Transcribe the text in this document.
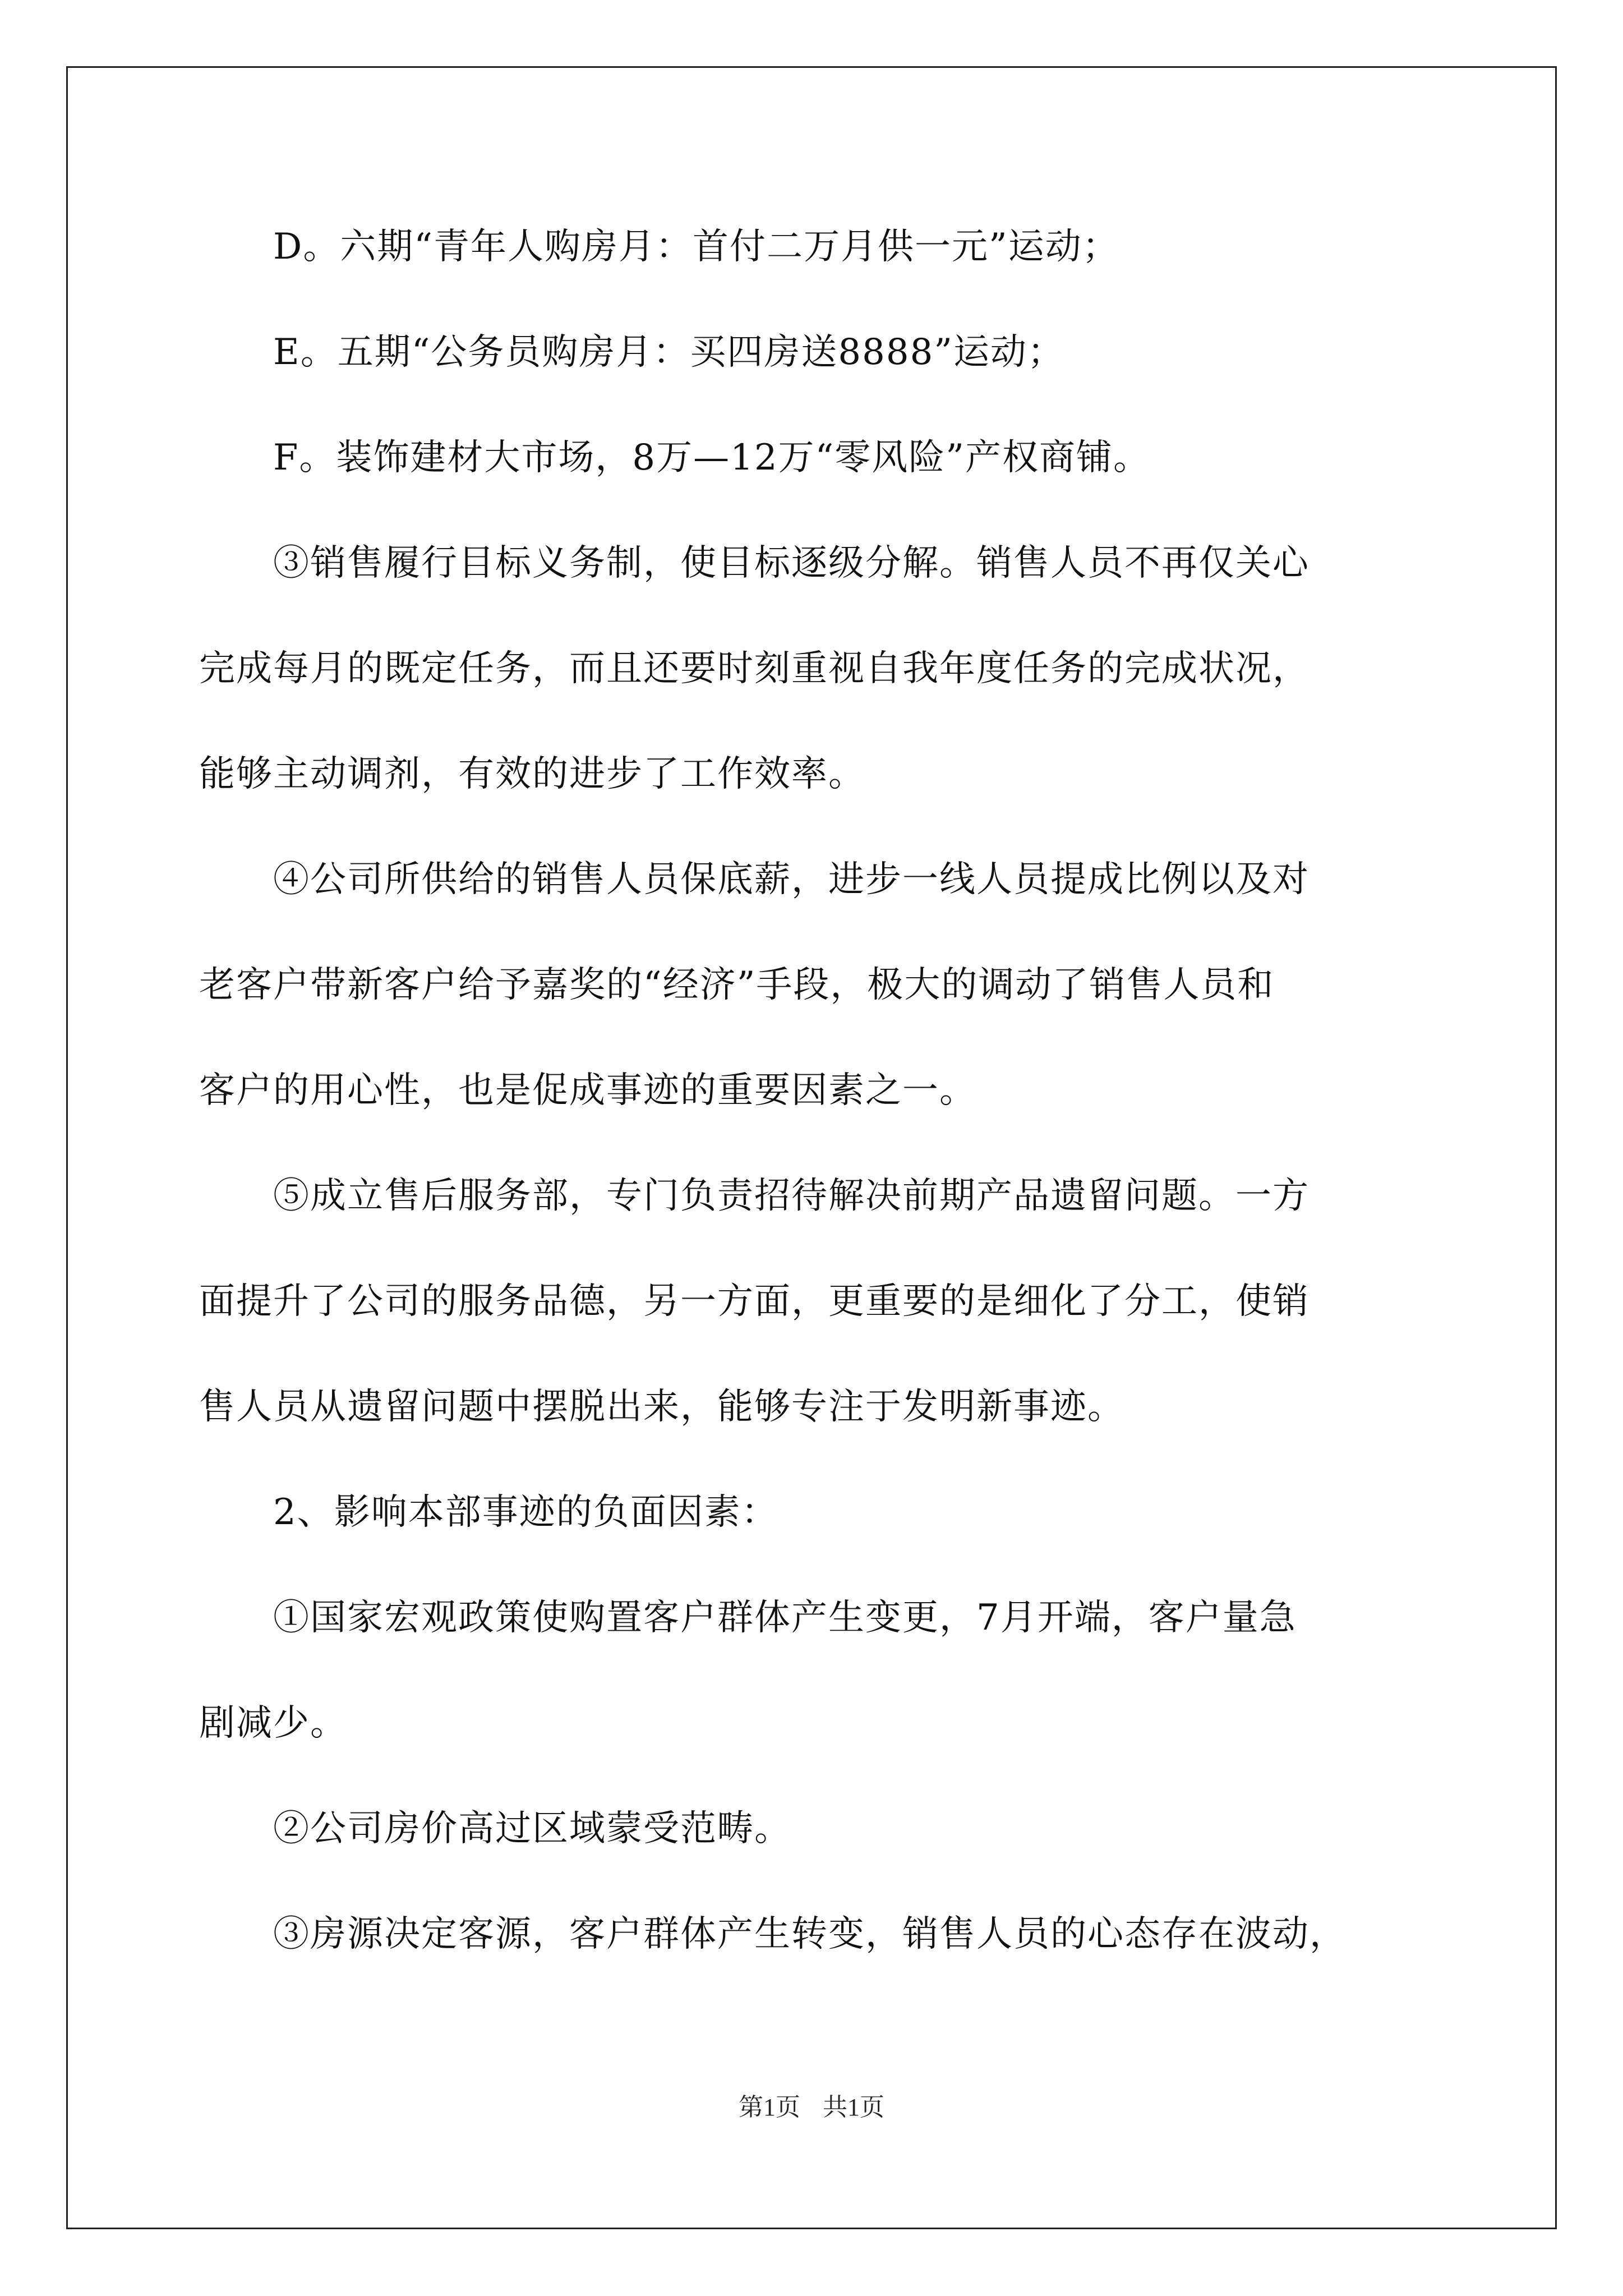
D。六期“青年人购房月：首付二万月供一元”运动；
E。五期“公务员购房月：买四房送8888”运动；
F。装饰建材大市场，8万—12万“零风险”产权商铺。
③销售履行目标义务制，使目标逐级分解。销售人员不再仅关心
完成每月的既定任务，而且还要时刻重视自我年度任务的完成状况，
能够主动调剂，有效的进步了工作效率。
④公司所供给的销售人员保底薪，进步一线人员提成比例以及对
老客户带新客户给予嘉奖的“经济”手段，极大的调动了销售人员和
客户的用心性，也是促成事迹的重要因素之一。
⑤成立售后服务部，专门负责招待解决前期产品遗留问题。一方
面提升了公司的服务品德，另一方面，更重要的是细化了分工，使销
售人员从遗留问题中摆脱出来，能够专注于发明新事迹。
2、影响本部事迹的负面因素：
①国家宏观政策使购置客户群体产生变更，7月开端，客户量急
剧减少。
②公司房价高过区域蒙受范畴。
③房源决定客源，客户群体产生转变，销售人员的心态存在波动，
第1页 共1页
